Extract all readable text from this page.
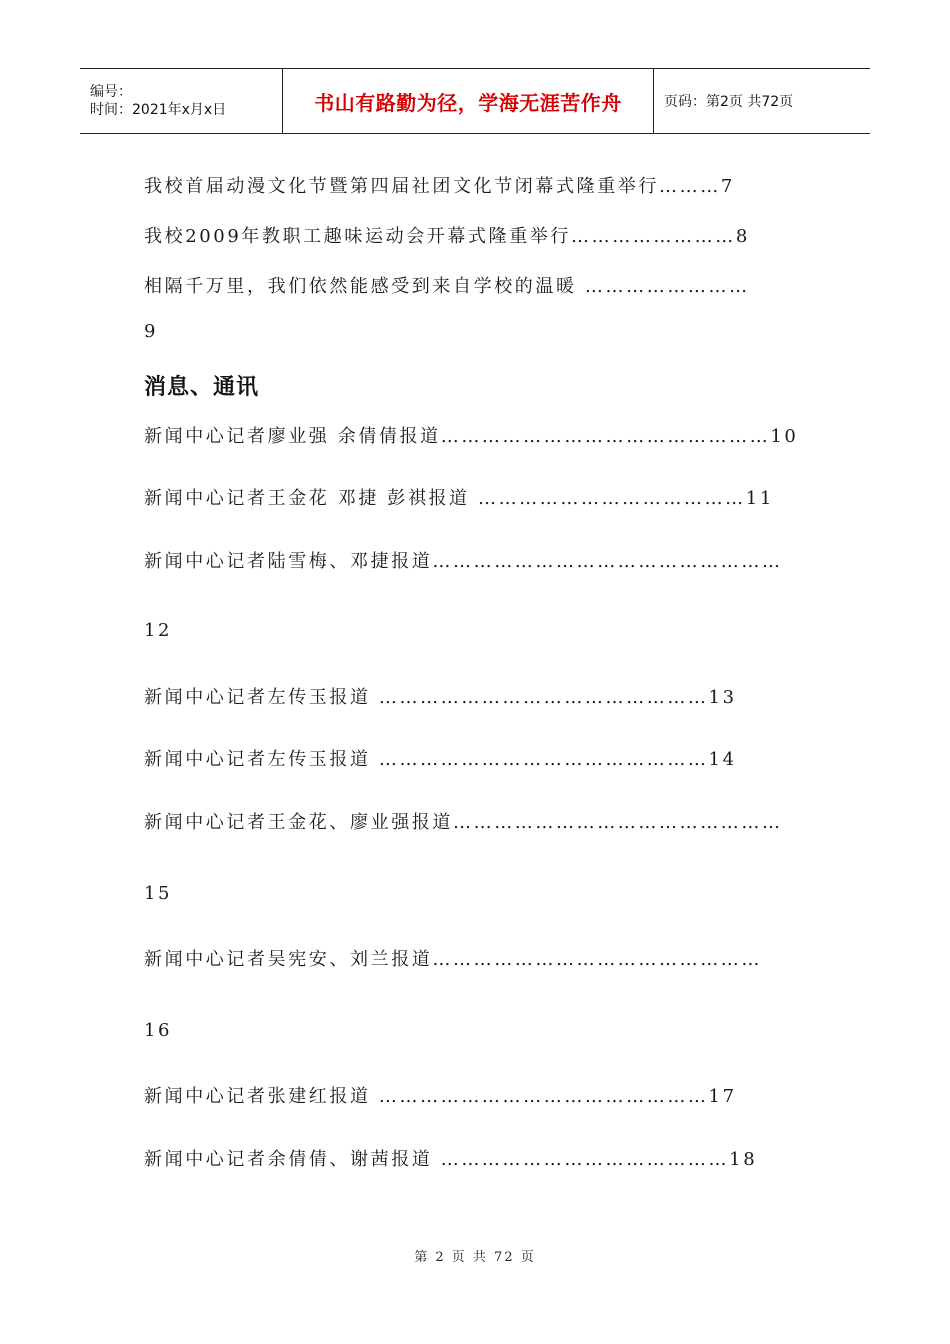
编号：
时间：2021年x月x日	书山有路勤为径，学海无涯苦作舟	页码：第2页 共72页
我校首届动漫文化节暨第四届社团文化节闭幕式隆重举行………7
我校2009年教职工趣味运动会开幕式隆重举行……………………8
相隔千万里，我们依然能感受到来自学校的温暖 ……………………
9
消息、通讯
新闻中心记者廖业强 余倩倩报道…………………………………………10
新闻中心记者王金花 邓捷 彭祺报道 …………………………………11
新闻中心记者陆雪梅、邓捷报道……………………………………………
12
新闻中心记者左传玉报道 …………………………………………13
新闻中心记者左传玉报道 …………………………………………14
新闻中心记者王金花、廖业强报道…………………………………………
15
新闻中心记者吴宪安、刘兰报道…………………………………………
16
新闻中心记者张建红报道 …………………………………………17
新闻中心记者余倩倩、谢茜报道 ……………………………………18
第 2 页 共 72 页
